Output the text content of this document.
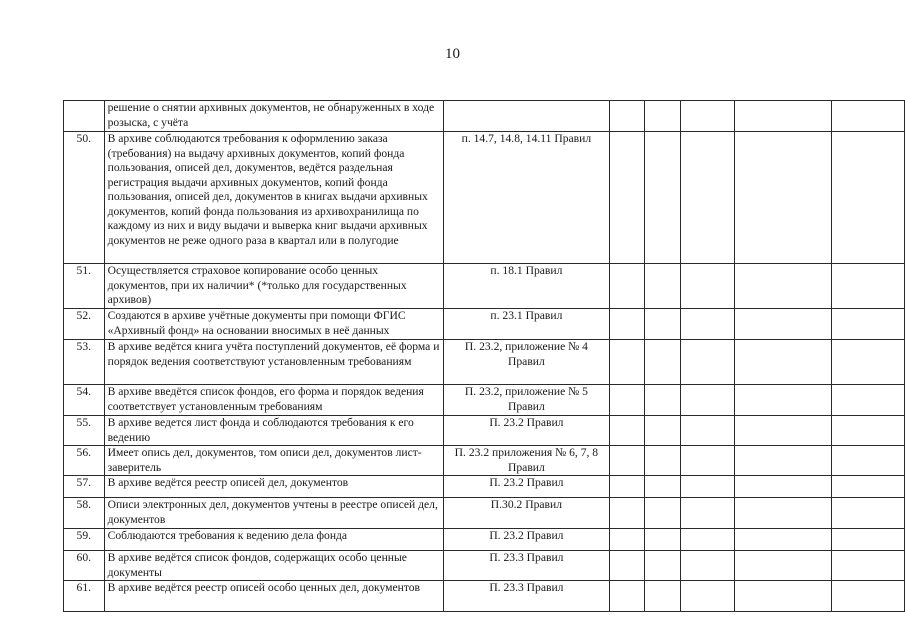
10
	решение о снятии архивных документов, не обнаруженных в ходе розыска, с учёта						
50.	В архиве соблюдаются требования к оформлению заказа (требования) на выдачу архивных документов, копий фонда пользования, описей дел, документов, ведётся раздельная регистрация выдачи архивных документов, копий фонда пользования, описей дел, документов в книгах выдачи архивных документов, копий фонда пользования из архивохранилища по каждому из них и виду выдачи и выверка книг выдачи архивных документов не реже одного раза в квартал или в полугодие	п. 14.7, 14.8, 14.11 Правил					
51.	Осуществляется страховое копирование особо ценных документов, при их наличии* (*только для государственных архивов)	п. 18.1 Правил					
52.	Создаются в архиве учётные документы при помощи ФГИС «Архивный фонд» на основании вносимых в неё данных	п. 23.1 Правил					
53.	В архиве ведётся книга учёта поступлений документов, её форма и порядок ведения соответствуют установленным требованиям	П. 23.2, приложение № 4 Правил					
54.	В архиве введётся список фондов, его форма и порядок ведения соответствует установленным требованиям	П. 23.2, приложение № 5 Правил					
55.	В архиве ведется лист фонда и соблюдаются требования к его ведению	П. 23.2 Правил					
56.	Имеет опись дел, документов, том описи дел, документов лист-заверитель	П. 23.2 приложения № 6, 7, 8 Правил					
57.	В архиве ведётся реестр описей дел, документов	П. 23.2 Правил					
58.	Описи электронных дел, документов учтены в реестре описей дел, документов	П.30.2 Правил					
59.	Соблюдаются требования к ведению дела фонда	П. 23.2 Правил					
60.	В архиве ведётся список фондов, содержащих особо ценные документы	П. 23.3 Правил					
61.	В архиве ведётся реестр описей особо ценных дел, документов	П. 23.3 Правил					
